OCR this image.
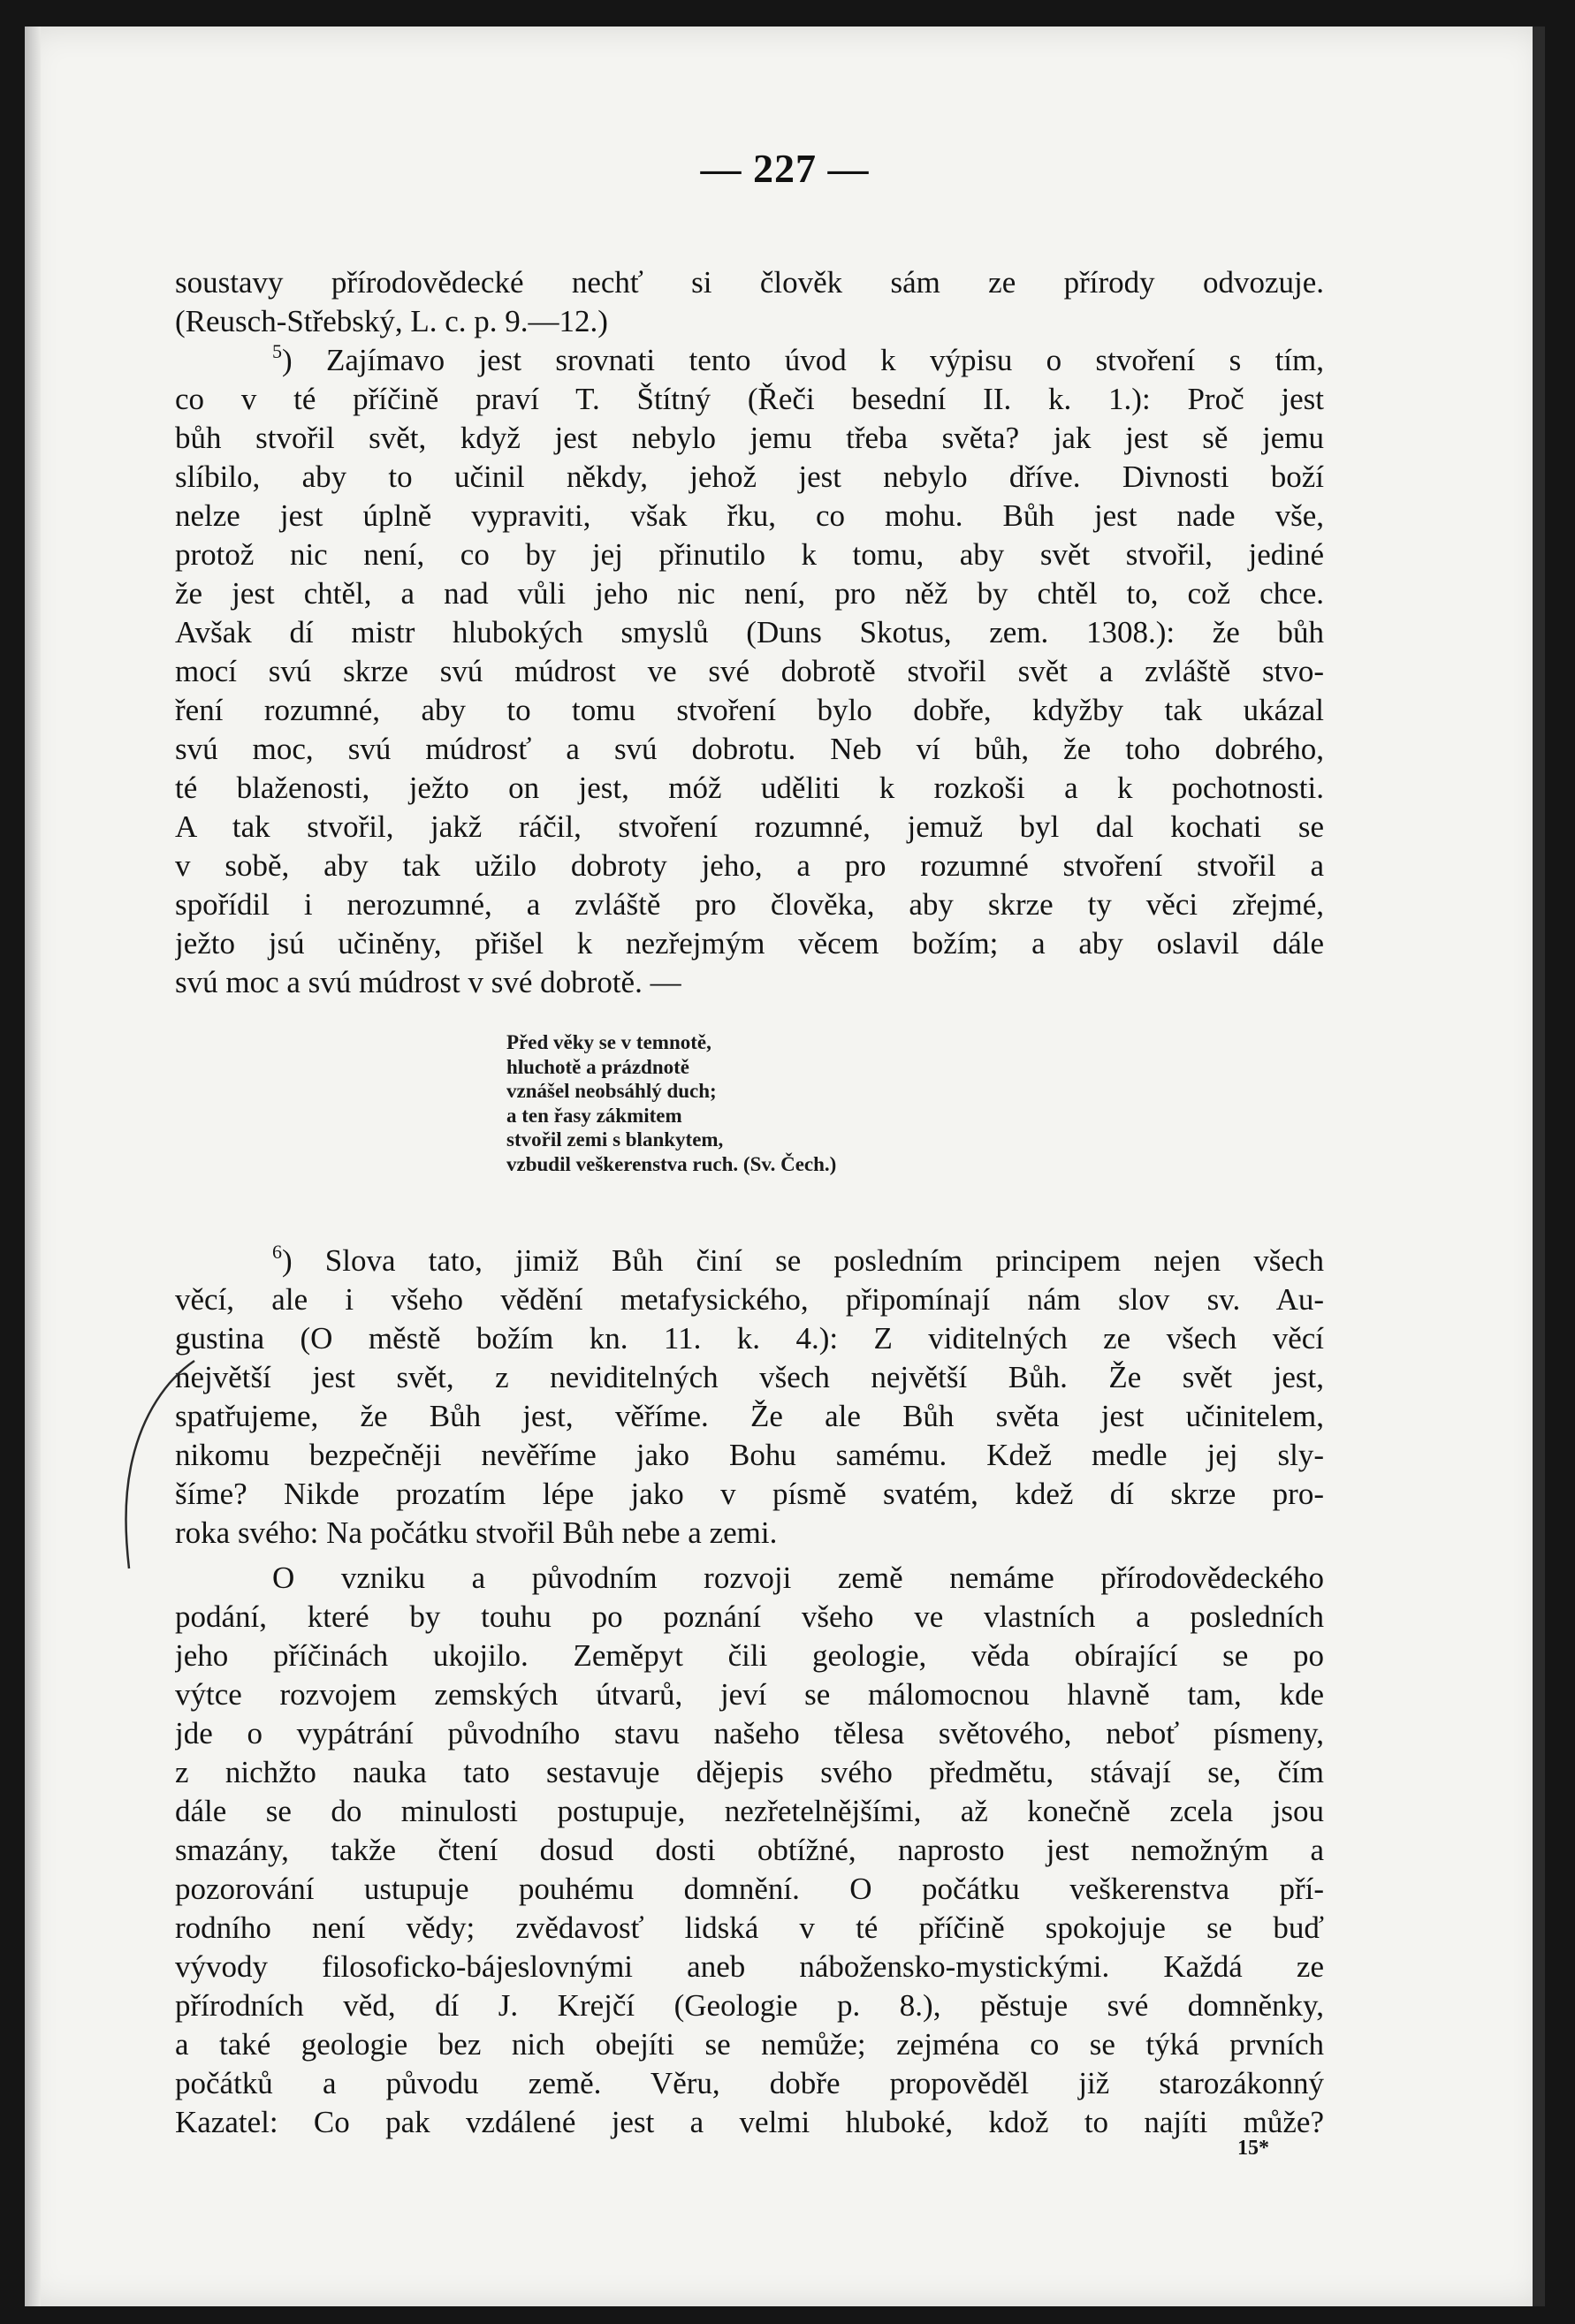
— 227 —
soustavy přírodovědecké nechť si člověk sám ze přírody odvozuje.
(Reusch-Střebský, L. c. p. 9.—12.)
$^5$) Zajímavo jest srovnati tento úvod k výpisu o stvoření s tím,
co v té příčině praví T. Štítný (Řeči besední II. k. 1.): Proč jest
bůh stvořil svět, když jest nebylo jemu třeba světa? jak jest sě jemu
slíbilo, aby to učinil někdy, jehož jest nebylo dříve. Divnosti boží
nelze jest úplně vypraviti, však řku, co mohu. Bůh jest nade vše,
protož nic není, co by jej přinutilo k tomu, aby svět stvořil, jediné
že jest chtěl, a nad vůli jeho nic není, pro něž by chtěl to, což chce.
Avšak dí mistr hlubokých smyslů (Duns Skotus, zem. 1308.): že bůh
mocí svú skrze svú múdrost ve své dobrotě stvořil svět a zvláště stvo-
ření rozumné, aby to tomu stvoření bylo dobře, kdyžby tak ukázal
svú moc, svú múdrosť a svú dobrotu. Neb ví bůh, že toho dobrého,
té blaženosti, ježto on jest, móž uděliti k rozkoši a k pochotnosti.
A tak stvořil, jakž ráčil, stvoření rozumné, jemuž byl dal kochati se
v sobě, aby tak užilo dobroty jeho, a pro rozumné stvoření stvořil a
spořídil i nerozumné, a zvláště pro člověka, aby skrze ty věci zřejmé,
ježto jsú učiněny, přišel k nezřejmým věcem božím; a aby oslavil dále
svú moc a svú múdrost v své dobrotě. —
Před věky se v temnotě,
hluchotě a prázdnotě
vznášel neobsáhlý duch;
a ten řasy zákmitem
stvořil zemi s blankytem,
vzbudil veškerenstva ruch. (Sv. Čech.)
$^6$) Slova tato, jimiž Bůh činí se posledním principem nejen všech
věcí, ale i všeho vědění metafysického, připomínají nám slov sv. Au-
gustina (O městě božím kn. 11. k. 4.): Z viditelných ze všech věcí
největší jest svět, z neviditelných všech největší Bůh. Že svět jest,
spatřujeme, že Bůh jest, věříme. Že ale Bůh světa jest učinitelem,
nikomu bezpečněji nevěříme jako Bohu samému. Kdež medle jej sly-
šíme? Nikde prozatím lépe jako v písmě svatém, kdež dí skrze pro-
roka svého: Na počátku stvořil Bůh nebe a zemi.
O vzniku a původním rozvoji země nemáme přírodovědeckého
podání, které by touhu po poznání všeho ve vlastních a posledních
jeho příčinách ukojilo. Zeměpyt čili geologie, věda obírající se po
výtce rozvojem zemských útvarů, jeví se málomocnou hlavně tam, kde
jde o vypátrání původního stavu našeho tělesa světového, neboť písmeny,
z nichžto nauka tato sestavuje dějepis svého předmětu, stávají se, čím
dále se do minulosti postupuje, nezřetelnějšími, až konečně zcela jsou
smazány, takže čtení dosud dosti obtížné, naprosto jest nemožným a
pozorování ustupuje pouhému domnění. O počátku veškerenstva pří-
rodního není vědy; zvědavosť lidská v té příčině spokojuje se buď
vývody filosoficko-bájeslovnými aneb nábožensko-mystickými. Každá ze
přírodních věd, dí J. Krejčí (Geologie p. 8.), pěstuje své domněnky,
a také geologie bez nich obejíti se nemůže; zejména co se týká prvních
počátků a původu země. Věru, dobře propověděl již starozákonný
Kazatel: Co pak vzdálené jest a velmi hluboké, kdož to najíti může?
15*
